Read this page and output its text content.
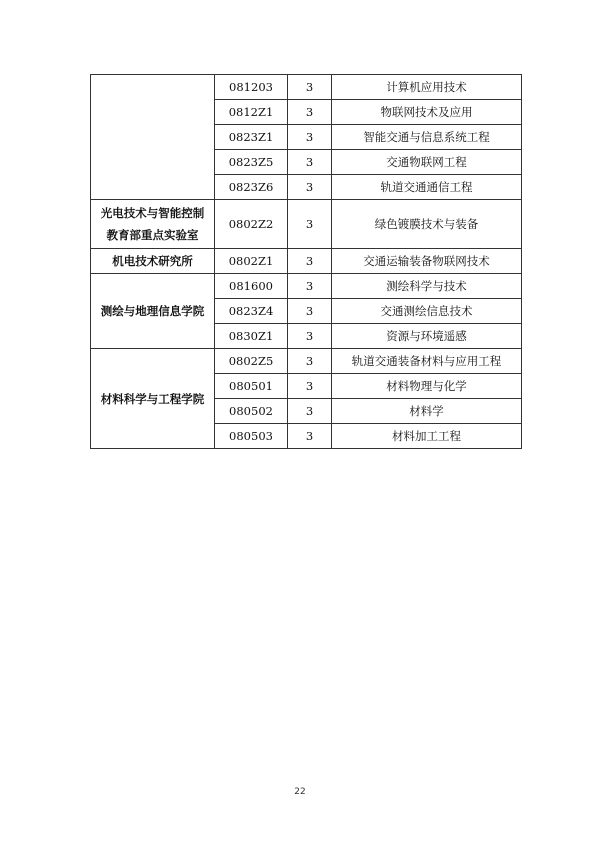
	081203	3	计算机应用技术
	0812Z1	3	物联网技术及应用
	0823Z1	3	智能交通与信息系统工程
	0823Z5	3	交通物联网工程
	0823Z6	3	轨道交通通信工程

光电技术与智能控制
教育部重点实验室	0802Z2	3	绿色镀膜技术与装备
机电技术研究所	0802Z1	3	交通运输装备物联网技术
测绘与地理信息学院	081600	3	测绘科学与技术
	0823Z4	3	交通测绘信息技术
	0830Z1	3	资源与环境遥感
材料科学与工程学院	0802Z5	3	轨道交通装备材料与应用工程
	080501	3	材料物理与化学
	080502	3	材料学
	080503	3	材料加工工程
22
